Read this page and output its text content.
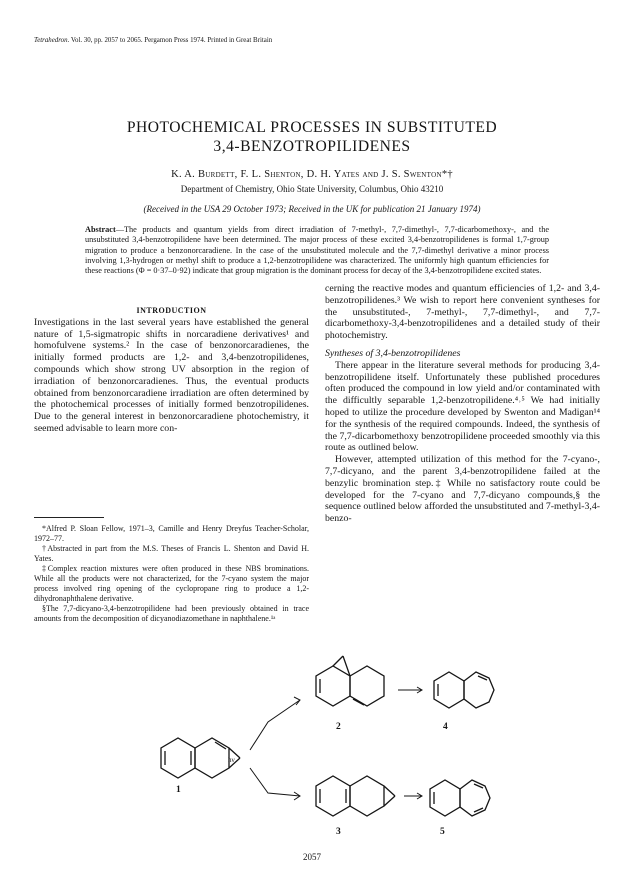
Tetrahedron. Vol. 30, pp. 2057 to 2065. Pergamon Press 1974. Printed in Great Britain
PHOTOCHEMICAL PROCESSES IN SUBSTITUTED
3,4-BENZOTROPILIDENES
K. A. Burdett, F. L. Shenton, D. H. Yates and J. S. Swenton*†
Department of Chemistry, Ohio State University, Columbus, Ohio 43210
(Received in the USA 29 October 1973; Received in the UK for publication 21 January 1974)
Abstract—The products and quantum yields from direct irradiation of 7-methyl-, 7,7-dimethyl-, 7,7-dicarbomethoxy-, and the unsubstituted 3,4-benzotropilidene have been determined. The major process of these excited 3,4-benzotropilidenes is formal 1,7-group migration to produce a benzonorcaradiene. In the case of the unsubstituted molecule and the 7,7-dimethyl derivative a minor process involving 1,3-hydrogen or methyl shift to produce a 1,2-benzotropilidene was characterized. The uniformly high quantum efficiencies for these reactions (Φ = 0·37–0·92) indicate that group migration is the dominant process for decay of the 3,4-benzotropilidene excited states.

INTRODUCTION

Investigations in the last several years have established the general nature of 1,5-sigmatropic shifts in norcaradiene derivatives¹ and homofulvene systems.² In the case of benzonorcaradienes, the initially formed products are 1,2- and 3,4-benzotropilidenes, compounds which show strong UV absorption in the region of irradiation of benzonorcaradienes. Thus, the eventual products obtained from benzonorcaradiene irradiation are often determined by the photochemical processes of initially formed benzotropilidenes. Due to the general interest in benzonorcaradiene photochemistry, it seemed advisable to learn more con-

*Alfred P. Sloan Fellow, 1971–3, Camille and Henry Dreyfus Teacher-Scholar, 1972–77.

†Abstracted in part from the M.S. Theses of Francis L. Shenton and David H. Yates.

‡Complex reaction mixtures were often produced in these NBS brominations. While all the products were not characterized, for the 7-cyano system the major process involved ring opening of the cyclopropane ring to produce a 1,2-dihydronaphthalene derivative.

§The 7,7-dicyano-3,4-benzotropilidene had been previously obtained in trace amounts from the decomposition of dicyanodiazomethane in naphthalene.¹ᵃ

cerning the reactive modes and quantum efficiencies of 1,2- and 3,4-benzotropilidenes.³ We wish to report here convenient syntheses for the unsubstituted-, 7-methyl-, 7,7-dimethyl-, and 7,7-dicarbomethoxy-3,4-benzotropilidenes and a detailed study of their photochemistry.

Syntheses of 3,4-benzotropilidenes

There appear in the literature several methods for producing 3,4-benzotropilidene itself. Unfortunately these published procedures often produced the compound in low yield and/or contaminated with the difficultly separable 1,2-benzotropilidene.⁴˒⁵ We had initially hoped to utilize the procedure developed by Swenton and Madigan¹⁴ for the synthesis of the required compounds. Indeed, the synthesis of the 7,7-dicarbomethoxy benzotropilidene proceeded smoothly via this route as outlined below.

However, attempted utilization of this method for the 7-cyano-, 7,7-dicyano, and the parent 3,4-benzotropilidene failed at the benzylic bromination step.‡ While no satisfactory route could be developed for the 7-cyano and 7,7-dicyano compounds,§ the sequence outlined below afforded the unsubstituted and 7-methyl-3,4-benzo-

hν
1
2
3
4
5
2057
